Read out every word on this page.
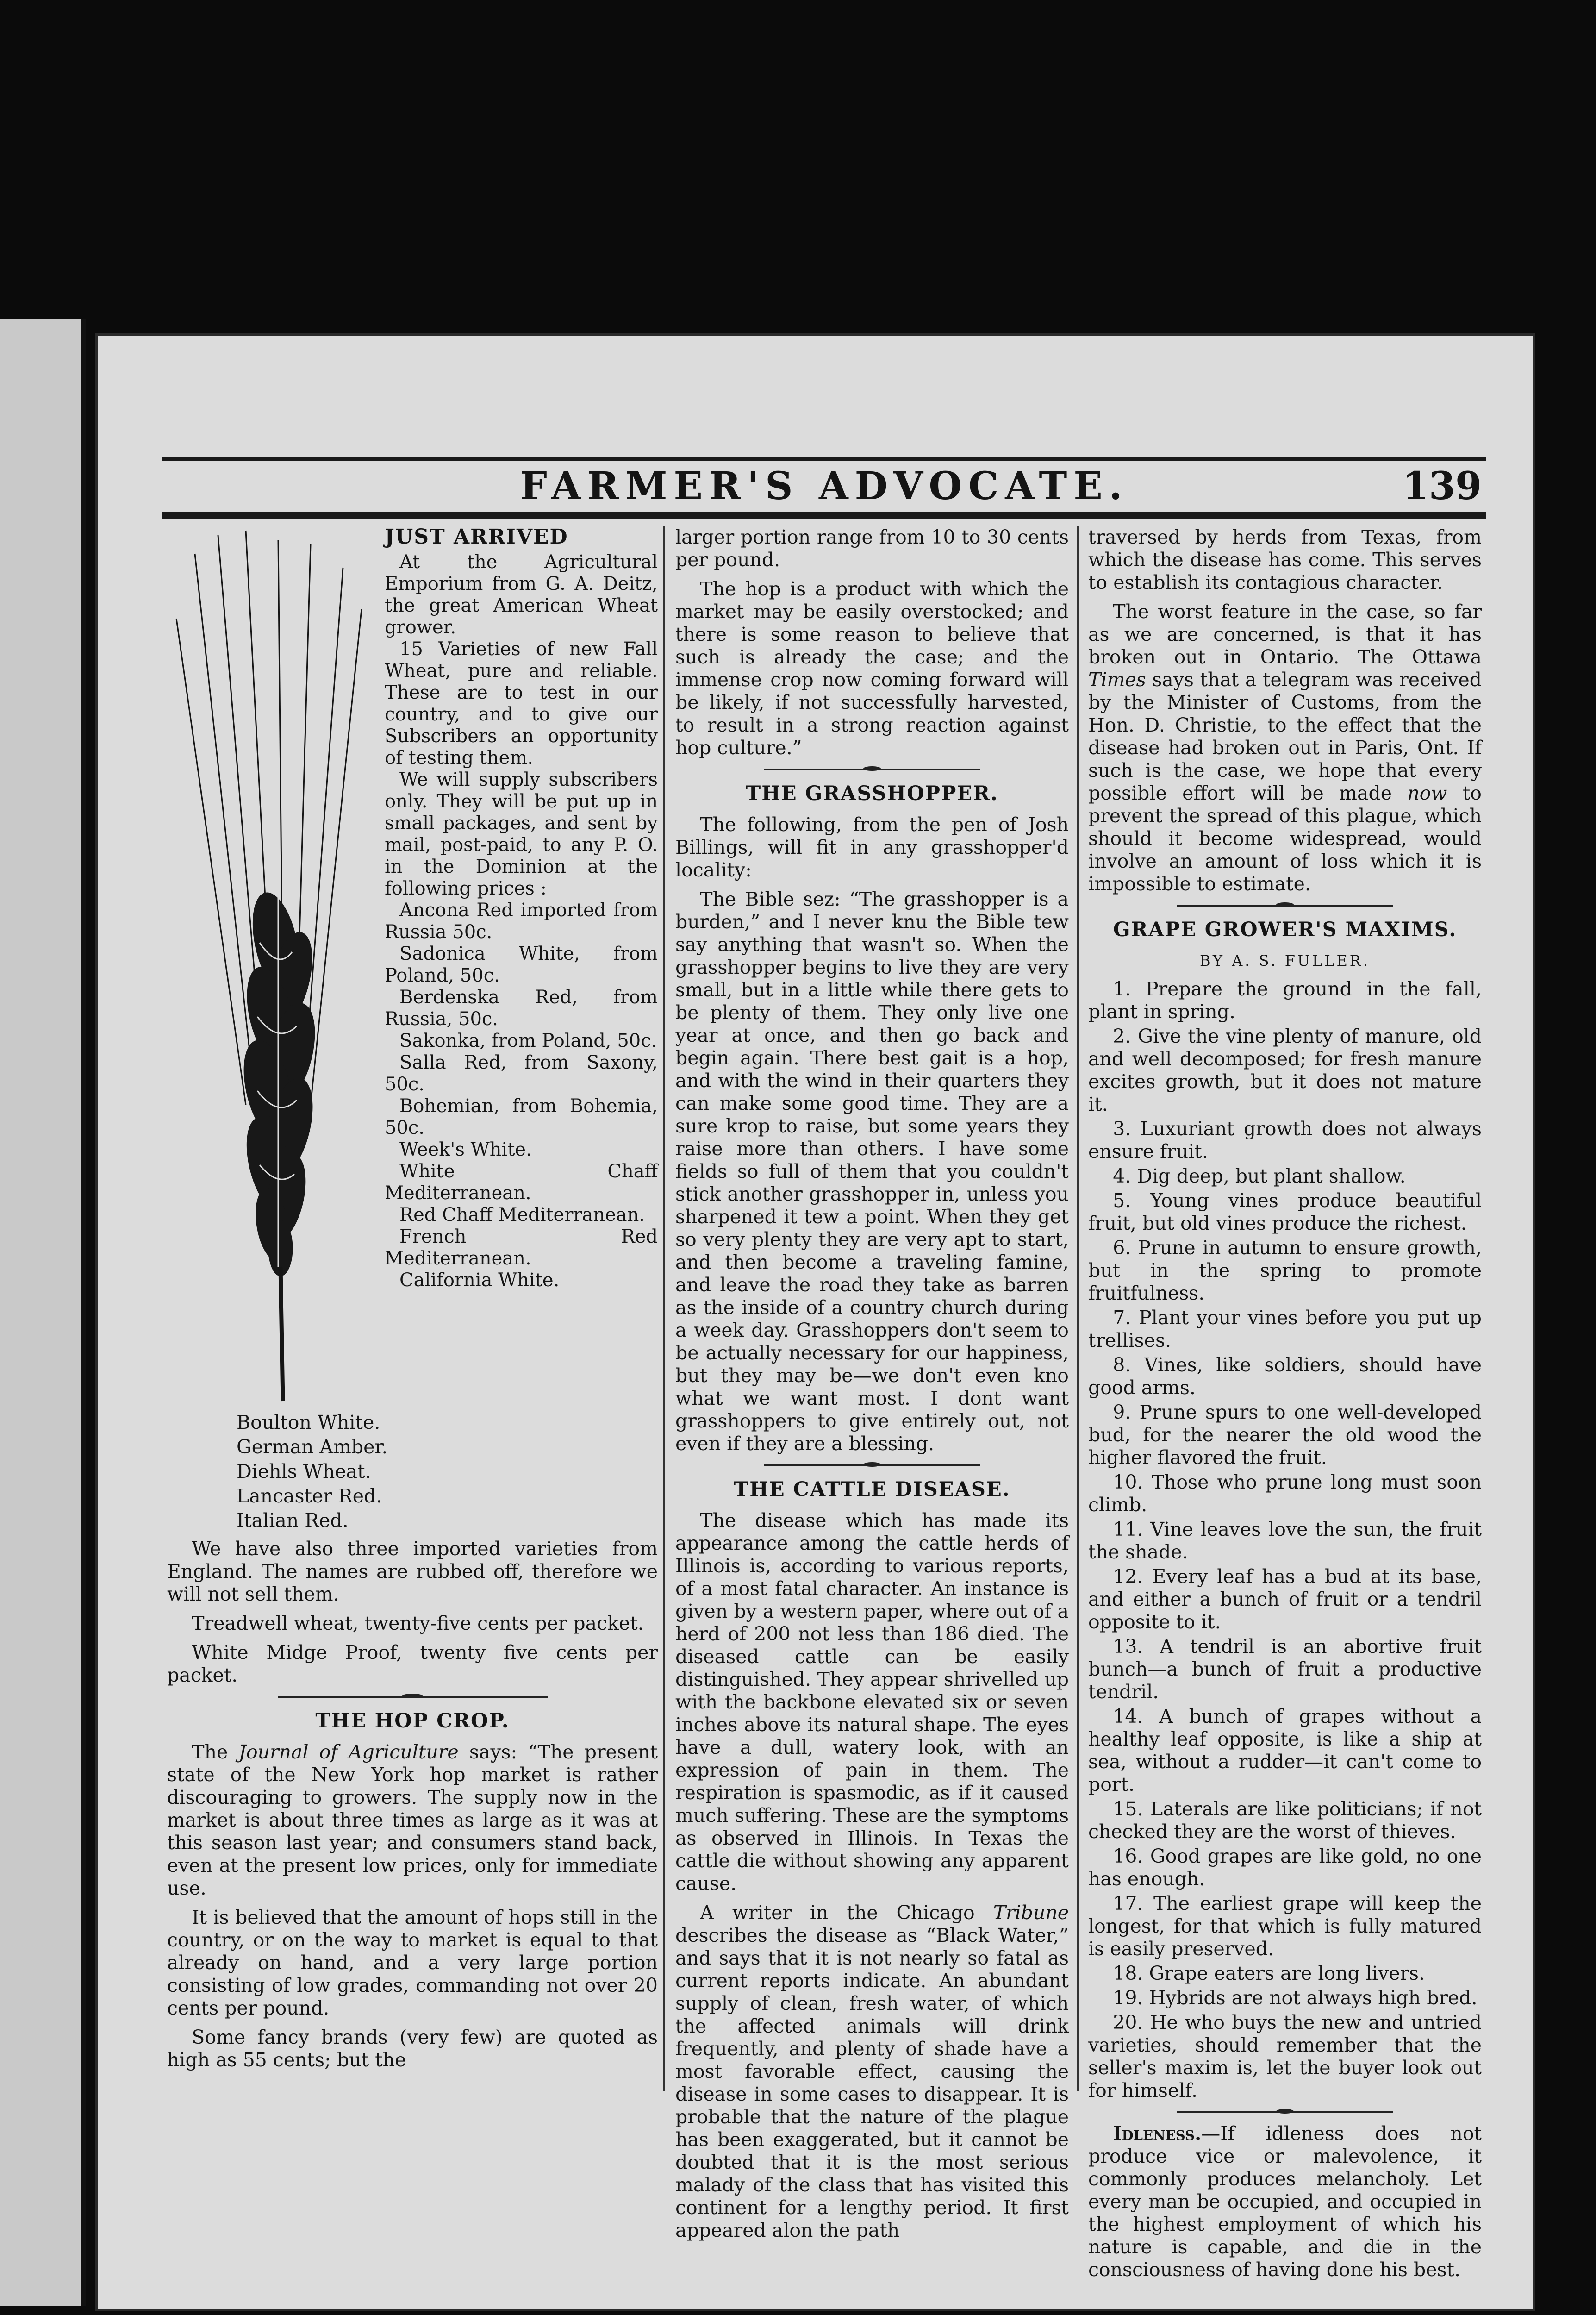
FARMER'S ADVOCATE.	139
JUST ARRIVED

At the Agricultural Emporium from G. A. Deitz, the great American Wheat grower.

15 Varieties of new Fall Wheat, pure and reliable. These are to test in our country, and to give our Subscribers an opportunity of testing them.

We will supply subscribers only. They will be put up in small packages, and sent by mail, post-paid, to any P. O. in the Dominion at the following prices :

Ancona Red imported from Russia 50c.

Sadonica White, from Poland, 50c.

Berdenska Red, from Russia, 50c.

Sakonka, from Poland, 50c.

Salla Red, from Saxony, 50c.

Bohemian, from Bohemia, 50c.

Week's White.

White Chaff Mediterranean.

Red Chaff Mediterranean.

French Red Mediterranean.

California White.

Boulton White.
German Amber.
Diehls Wheat.
Lancaster Red.
Italian Red.

We have also three imported varieties from England. The names are rubbed off, therefore we will not sell them.

Treadwell wheat, twenty-five cents per packet.

White Midge Proof, twenty five cents per packet.

THE HOP CROP.

The Journal of Agriculture says: “The present state of the New York hop market is rather discouraging to growers. The supply now in the market is about three times as large as it was at this season last year; and consumers stand back, even at the present low prices, only for immediate use.

It is believed that the amount of hops still in the country, or on the way to market is equal to that already on hand, and a very large portion consisting of low grades, commanding not over 20 cents per pound.

Some fancy brands (very few) are quoted as high as 55 cents; but the

larger portion range from 10 to 30 cents per pound.

The hop is a product with which the market may be easily overstocked; and there is some reason to believe that such is already the case; and the immense crop now coming forward will be likely, if not successfully harvested, to result in a strong reaction against hop culture.”

THE GRASSHOPPER.

The following, from the pen of Josh Billings, will fit in any grasshopper'd locality:

The Bible sez: “The grasshopper is a burden,” and I never knu the Bible tew say anything that wasn't so. When the grasshopper begins to live they are very small, but in a little while there gets to be plenty of them. They only live one year at once, and then go back and begin again. There best gait is a hop, and with the wind in their quarters they can make some good time. They are a sure krop to raise, but some years they raise more than others. I have some fields so full of them that you couldn't stick another grasshopper in, unless you sharpened it tew a point. When they get so very plenty they are very apt to start, and then become a traveling famine, and leave the road they take as barren as the inside of a country church during a week day. Grasshoppers don't seem to be actually necessary for our happiness, but they may be—we don't even kno what we want most. I dont want grasshoppers to give entirely out, not even if they are a blessing.

THE CATTLE DISEASE.

The disease which has made its appearance among the cattle herds of Illinois is, according to various reports, of a most fatal character. An instance is given by a western paper, where out of a herd of 200 not less than 186 died. The diseased cattle can be easily distinguished. They appear shrivelled up with the backbone elevated six or seven inches above its natural shape. The eyes have a dull, watery look, with an expression of pain in them. The respiration is spasmodic, as if it caused much suffering. These are the symptoms as observed in Illinois. In Texas the cattle die without showing any apparent cause.

A writer in the Chicago Tribune describes the disease as “Black Water,” and says that it is not nearly so fatal as current reports indicate. An abundant supply of clean, fresh water, of which the affected animals will drink frequently, and plenty of shade have a most favorable effect, causing the disease in some cases to disappear. It is probable that the nature of the plague has been exaggerated, but it cannot be doubted that it is the most serious malady of the class that has visited this continent for a lengthy period. It first appeared alon the path

traversed by herds from Texas, from which the disease has come. This serves to establish its contagious character.

The worst feature in the case, so far as we are concerned, is that it has broken out in Ontario. The Ottawa Times says that a telegram was received by the Minister of Customs, from the Hon. D. Christie, to the effect that the disease had broken out in Paris, Ont. If such is the case, we hope that every possible effort will be made now to prevent the spread of this plague, which should it become widespread, would involve an amount of loss which it is impossible to estimate.

GRAPE GROWER'S MAXIMS.
BY A. S. FULLER.

1. Prepare the ground in the fall, plant in spring.

2. Give the vine plenty of manure, old and well decomposed; for fresh manure excites growth, but it does not mature it.

3. Luxuriant growth does not always ensure fruit.

4. Dig deep, but plant shallow.

5. Young vines produce beautiful fruit, but old vines produce the richest.

6. Prune in autumn to ensure growth, but in the spring to promote fruitfulness.

7. Plant your vines before you put up trellises.

8. Vines, like soldiers, should have good arms.

9. Prune spurs to one well-developed bud, for the nearer the old wood the higher flavored the fruit.

10. Those who prune long must soon climb.

11. Vine leaves love the sun, the fruit the shade.

12. Every leaf has a bud at its base, and either a bunch of fruit or a tendril opposite to it.

13. A tendril is an abortive fruit bunch—a bunch of fruit a productive tendril.

14. A bunch of grapes without a healthy leaf opposite, is like a ship at sea, without a rudder—it can't come to port.

15. Laterals are like politicians; if not checked they are the worst of thieves.

16. Good grapes are like gold, no one has enough.

17. The earliest grape will keep the longest, for that which is fully matured is easily preserved.

18. Grape eaters are long livers.

19. Hybrids are not always high bred.

20. He who buys the new and untried varieties, should remember that the seller's maxim is, let the buyer look out for himself.

Idleness.—If idleness does not produce vice or malevolence, it commonly produces melancholy. Let every man be occupied, and occupied in the highest employment of which his nature is capable, and die in the consciousness of having done his best.
